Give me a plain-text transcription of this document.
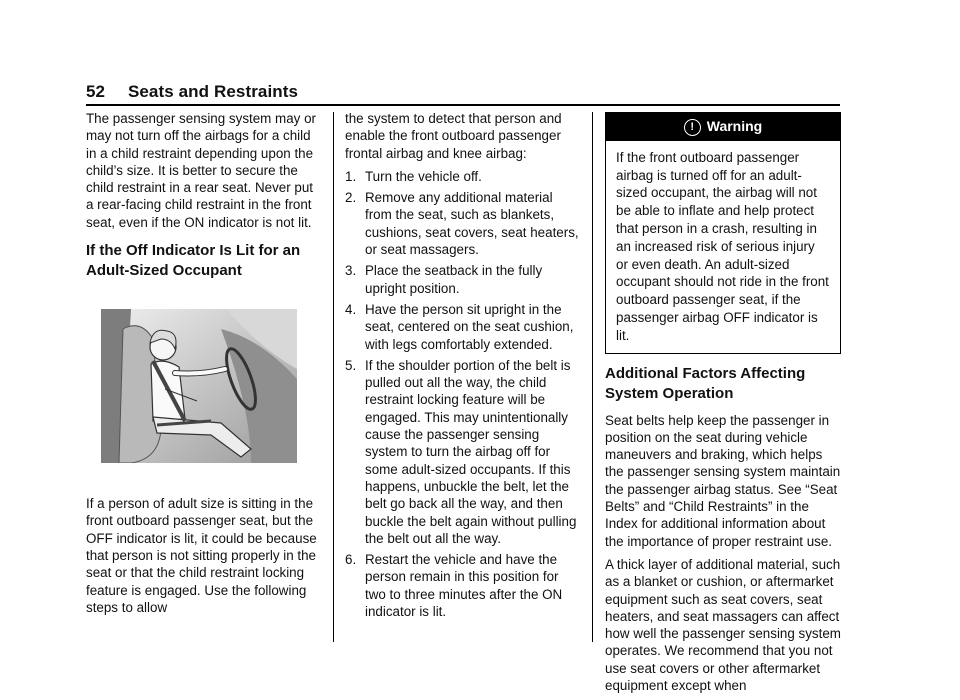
52 Seats and Restraints

The passenger sensing system may or may not turn off the airbags for a child in a child restraint depending upon the child’s size. It is better to secure the child restraint in a rear seat. Never put a rear-facing child restraint in the front seat, even if the ON indicator is not lit.

If the Off Indicator Is Lit for an Adult-Sized Occupant

If a person of adult size is sitting in the front outboard passenger seat, but the OFF indicator is lit, it could be because that person is not sitting properly in the seat or that the child restraint locking feature is engaged. Use the following steps to allow

the system to detect that person and enable the front outboard passenger frontal airbag and knee airbag:

1. Turn the vehicle off.
2. Remove any additional material from the seat, such as blankets, cushions, seat covers, seat heaters, or seat massagers.
3. Place the seatback in the fully upright position.
4. Have the person sit upright in the seat, centered on the seat cushion, with legs comfortably extended.
5. If the shoulder portion of the belt is pulled out all the way, the child restraint locking feature will be engaged. This may unintentionally cause the passenger sensing system to turn the airbag off for some adult-sized occupants. If this happens, unbuckle the belt, let the belt go back all the way, and then buckle the belt again without pulling the belt out all the way.
6. Restart the vehicle and have the person remain in this position for two to three minutes after the ON indicator is lit.
! Warning
If the front outboard passenger airbag is turned off for an adult-sized occupant, the airbag will not be able to inflate and help protect that person in a crash, resulting in an increased risk of serious injury or even death. An adult-sized occupant should not ride in the front outboard passenger seat, if the passenger airbag OFF indicator is lit.
Additional Factors Affecting System Operation

Seat belts help keep the passenger in position on the seat during vehicle maneuvers and braking, which helps the passenger sensing system maintain the passenger airbag status. See “Seat Belts” and “Child Restraints” in the Index for additional information about the importance of proper restraint use.

A thick layer of additional material, such as a blanket or cushion, or aftermarket equipment such as seat covers, seat heaters, and seat massagers can affect how well the passenger sensing system operates. We recommend that you not use seat covers or other aftermarket equipment except when
